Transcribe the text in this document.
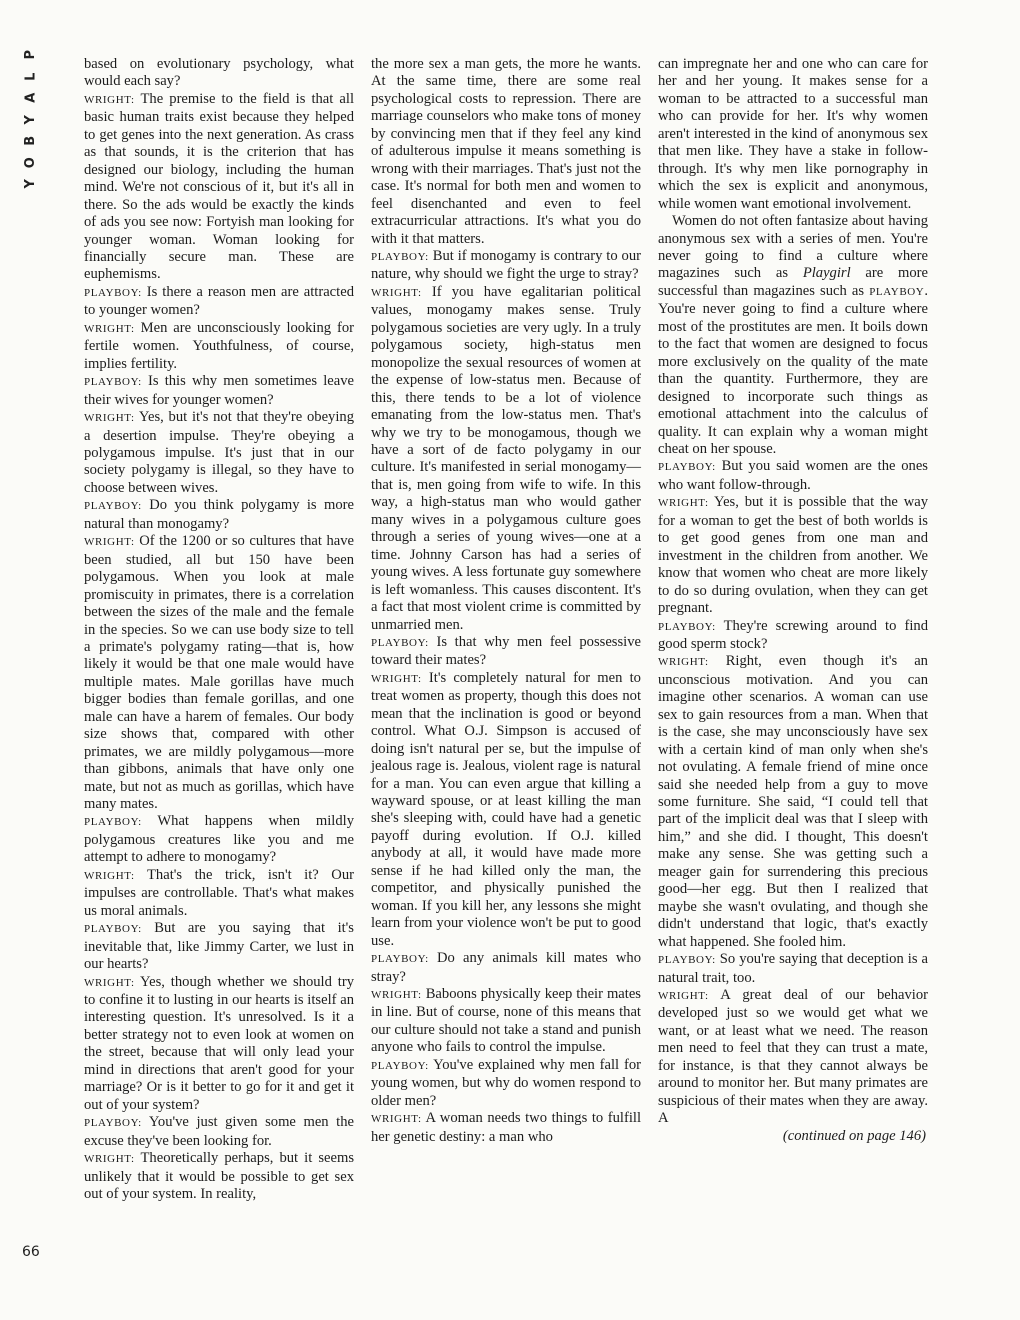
P
L
A
Y
B
O
Y

based on evolutionary psychology, what would each say?

WRIGHT: The premise to the field is that all basic human traits exist because they helped to get genes into the next generation. As crass as that sounds, it is the criterion that has designed our biology, including the human mind. We're not conscious of it, but it's all in there. So the ads would be exactly the kinds of ads you see now: Fortyish man looking for younger woman. Woman looking for financially secure man. These are euphemisms.

PLAYBOY: Is there a reason men are attracted to younger women?

WRIGHT: Men are unconsciously looking for fertile women. Youthfulness, of course, implies fertility.

PLAYBOY: Is this why men sometimes leave their wives for younger women?

WRIGHT: Yes, but it's not that they're obeying a desertion impulse. They're obeying a polygamous impulse. It's just that in our society polygamy is illegal, so they have to choose between wives.

PLAYBOY: Do you think polygamy is more natural than monogamy?

WRIGHT: Of the 1200 or so cultures that have been studied, all but 150 have been polygamous. When you look at male promiscuity in primates, there is a correlation between the sizes of the male and the female in the species. So we can use body size to tell a primate's polygamy rating—that is, how likely it would be that one male would have multiple mates. Male gorillas have much bigger bodies than female gorillas, and one male can have a harem of females. Our body size shows that, compared with other primates, we are mildly polygamous—more than gibbons, animals that have only one mate, but not as much as gorillas, which have many mates.

PLAYBOY: What happens when mildly polygamous creatures like you and me attempt to adhere to monogamy?

WRIGHT: That's the trick, isn't it? Our impulses are controllable. That's what makes us moral animals.

PLAYBOY: But are you saying that it's inevitable that, like Jimmy Carter, we lust in our hearts?

WRIGHT: Yes, though whether we should try to confine it to lusting in our hearts is itself an interesting question. It's unresolved. Is it a better strategy not to even look at women on the street, because that will only lead your mind in directions that aren't good for your marriage? Or is it better to go for it and get it out of your system?

PLAYBOY: You've just given some men the excuse they've been looking for.

WRIGHT: Theoretically perhaps, but it seems unlikely that it would be possible to get sex out of your system. In reality,

the more sex a man gets, the more he wants. At the same time, there are some real psychological costs to repression. There are marriage counselors who make tons of money by convincing men that if they feel any kind of adulterous impulse it means something is wrong with their marriages. That's just not the case. It's normal for both men and women to feel disenchanted and even to feel extracurricular attractions. It's what you do with it that matters.

PLAYBOY: But if monogamy is contrary to our nature, why should we fight the urge to stray?

WRIGHT: If you have egalitarian political values, monogamy makes sense. Truly polygamous societies are very ugly. In a truly polygamous society, high-status men monopolize the sexual resources of women at the expense of low-status men. Because of this, there tends to be a lot of violence emanating from the low-status men. That's why we try to be monogamous, though we have a sort of de facto polygamy in our culture. It's manifested in serial monogamy—that is, men going from wife to wife. In this way, a high-status man who would gather many wives in a polygamous culture goes through a series of young wives—one at a time. Johnny Carson has had a series of young wives. A less fortunate guy somewhere is left womanless. This causes discontent. It's a fact that most violent crime is committed by unmarried men.

PLAYBOY: Is that why men feel possessive toward their mates?

WRIGHT: It's completely natural for men to treat women as property, though this does not mean that the inclination is good or beyond control. What O.J. Simpson is accused of doing isn't natural per se, but the impulse of jealous rage is. Jealous, violent rage is natural for a man. You can even argue that killing a wayward spouse, or at least killing the man she's sleeping with, could have had a genetic payoff during evolution. If O.J. killed anybody at all, it would have made more sense if he had killed only the man, the competitor, and physically punished the woman. If you kill her, any lessons she might learn from your violence won't be put to good use.

PLAYBOY: Do any animals kill mates who stray?

WRIGHT: Baboons physically keep their mates in line. But of course, none of this means that our culture should not take a stand and punish anyone who fails to control the impulse.

PLAYBOY: You've explained why men fall for young women, but why do women respond to older men?

WRIGHT: A woman needs two things to fulfill her genetic destiny: a man who

can impregnate her and one who can care for her and her young. It makes sense for a woman to be attracted to a successful man who can provide for her. It's why women aren't interested in the kind of anonymous sex that men like. They have a stake in follow-through. It's why men like pornography in which the sex is explicit and anonymous, while women want emotional involvement.

Women do not often fantasize about having anonymous sex with a series of men. You're never going to find a culture where magazines such as Playgirl are more successful than magazines such as PLAYBOY. You're never going to find a culture where most of the prostitutes are men. It boils down to the fact that women are designed to focus more exclusively on the quality of the mate than the quantity. Furthermore, they are designed to incorporate such things as emotional attachment into the calculus of quality. It can explain why a woman might cheat on her spouse.

PLAYBOY: But you said women are the ones who want follow-through.

WRIGHT: Yes, but it is possible that the way for a woman to get the best of both worlds is to get good genes from one man and investment in the children from another. We know that women who cheat are more likely to do so during ovulation, when they can get pregnant.

PLAYBOY: They're screwing around to find good sperm stock?

WRIGHT: Right, even though it's an unconscious motivation. And you can imagine other scenarios. A woman can use sex to gain resources from a man. When that is the case, she may unconsciously have sex with a certain kind of man only when she's not ovulating. A female friend of mine once said she needed help from a guy to move some furniture. She said, “I could tell that part of the implicit deal was that I sleep with him,” and she did. I thought, This doesn't make any sense. She was getting such a meager gain for surrendering this precious good—her egg. But then I realized that maybe she wasn't ovulating, and though she didn't understand that logic, that's exactly what happened. She fooled him.

PLAYBOY: So you're saying that deception is a natural trait, too.

WRIGHT: A great deal of our behavior developed just so we would get what we want, or at least what we need. The reason men need to feel that they can trust a mate, for instance, is that they cannot always be around to monitor her. But many primates are suspicious of their mates when they are away. A

(continued on page 146)
66
